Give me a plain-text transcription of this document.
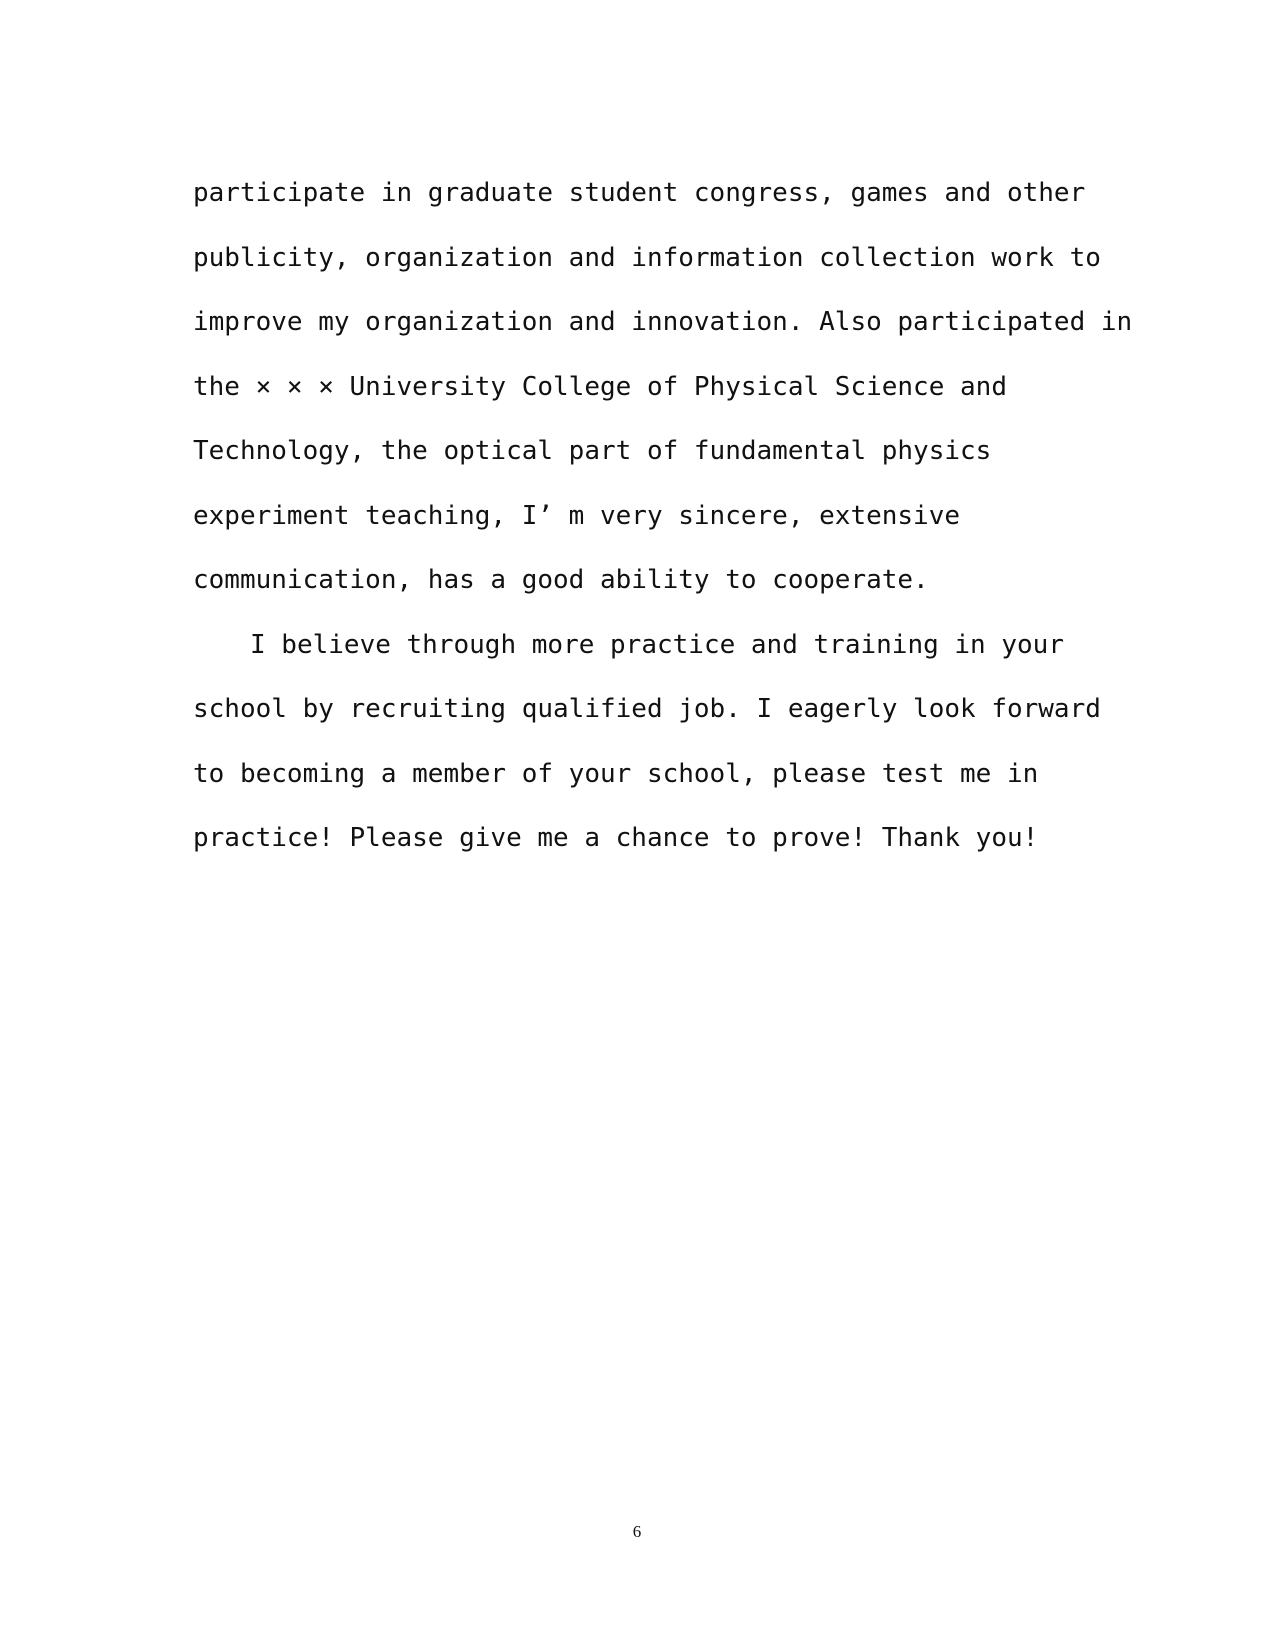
participate in graduate student congress, games and other
publicity, organization and information collection work to
improve my organization and innovation. Also participated in
the × × × University College of Physical Science and
Technology, the optical part of fundamental physics
experiment teaching, I’ m very sincere, extensive
communication, has a good ability to cooperate.
I believe through more practice and training in your
school by recruiting qualified job. I eagerly look forward
to becoming a member of your school, please test me in
practice! Please give me a chance to prove! Thank you!
6
